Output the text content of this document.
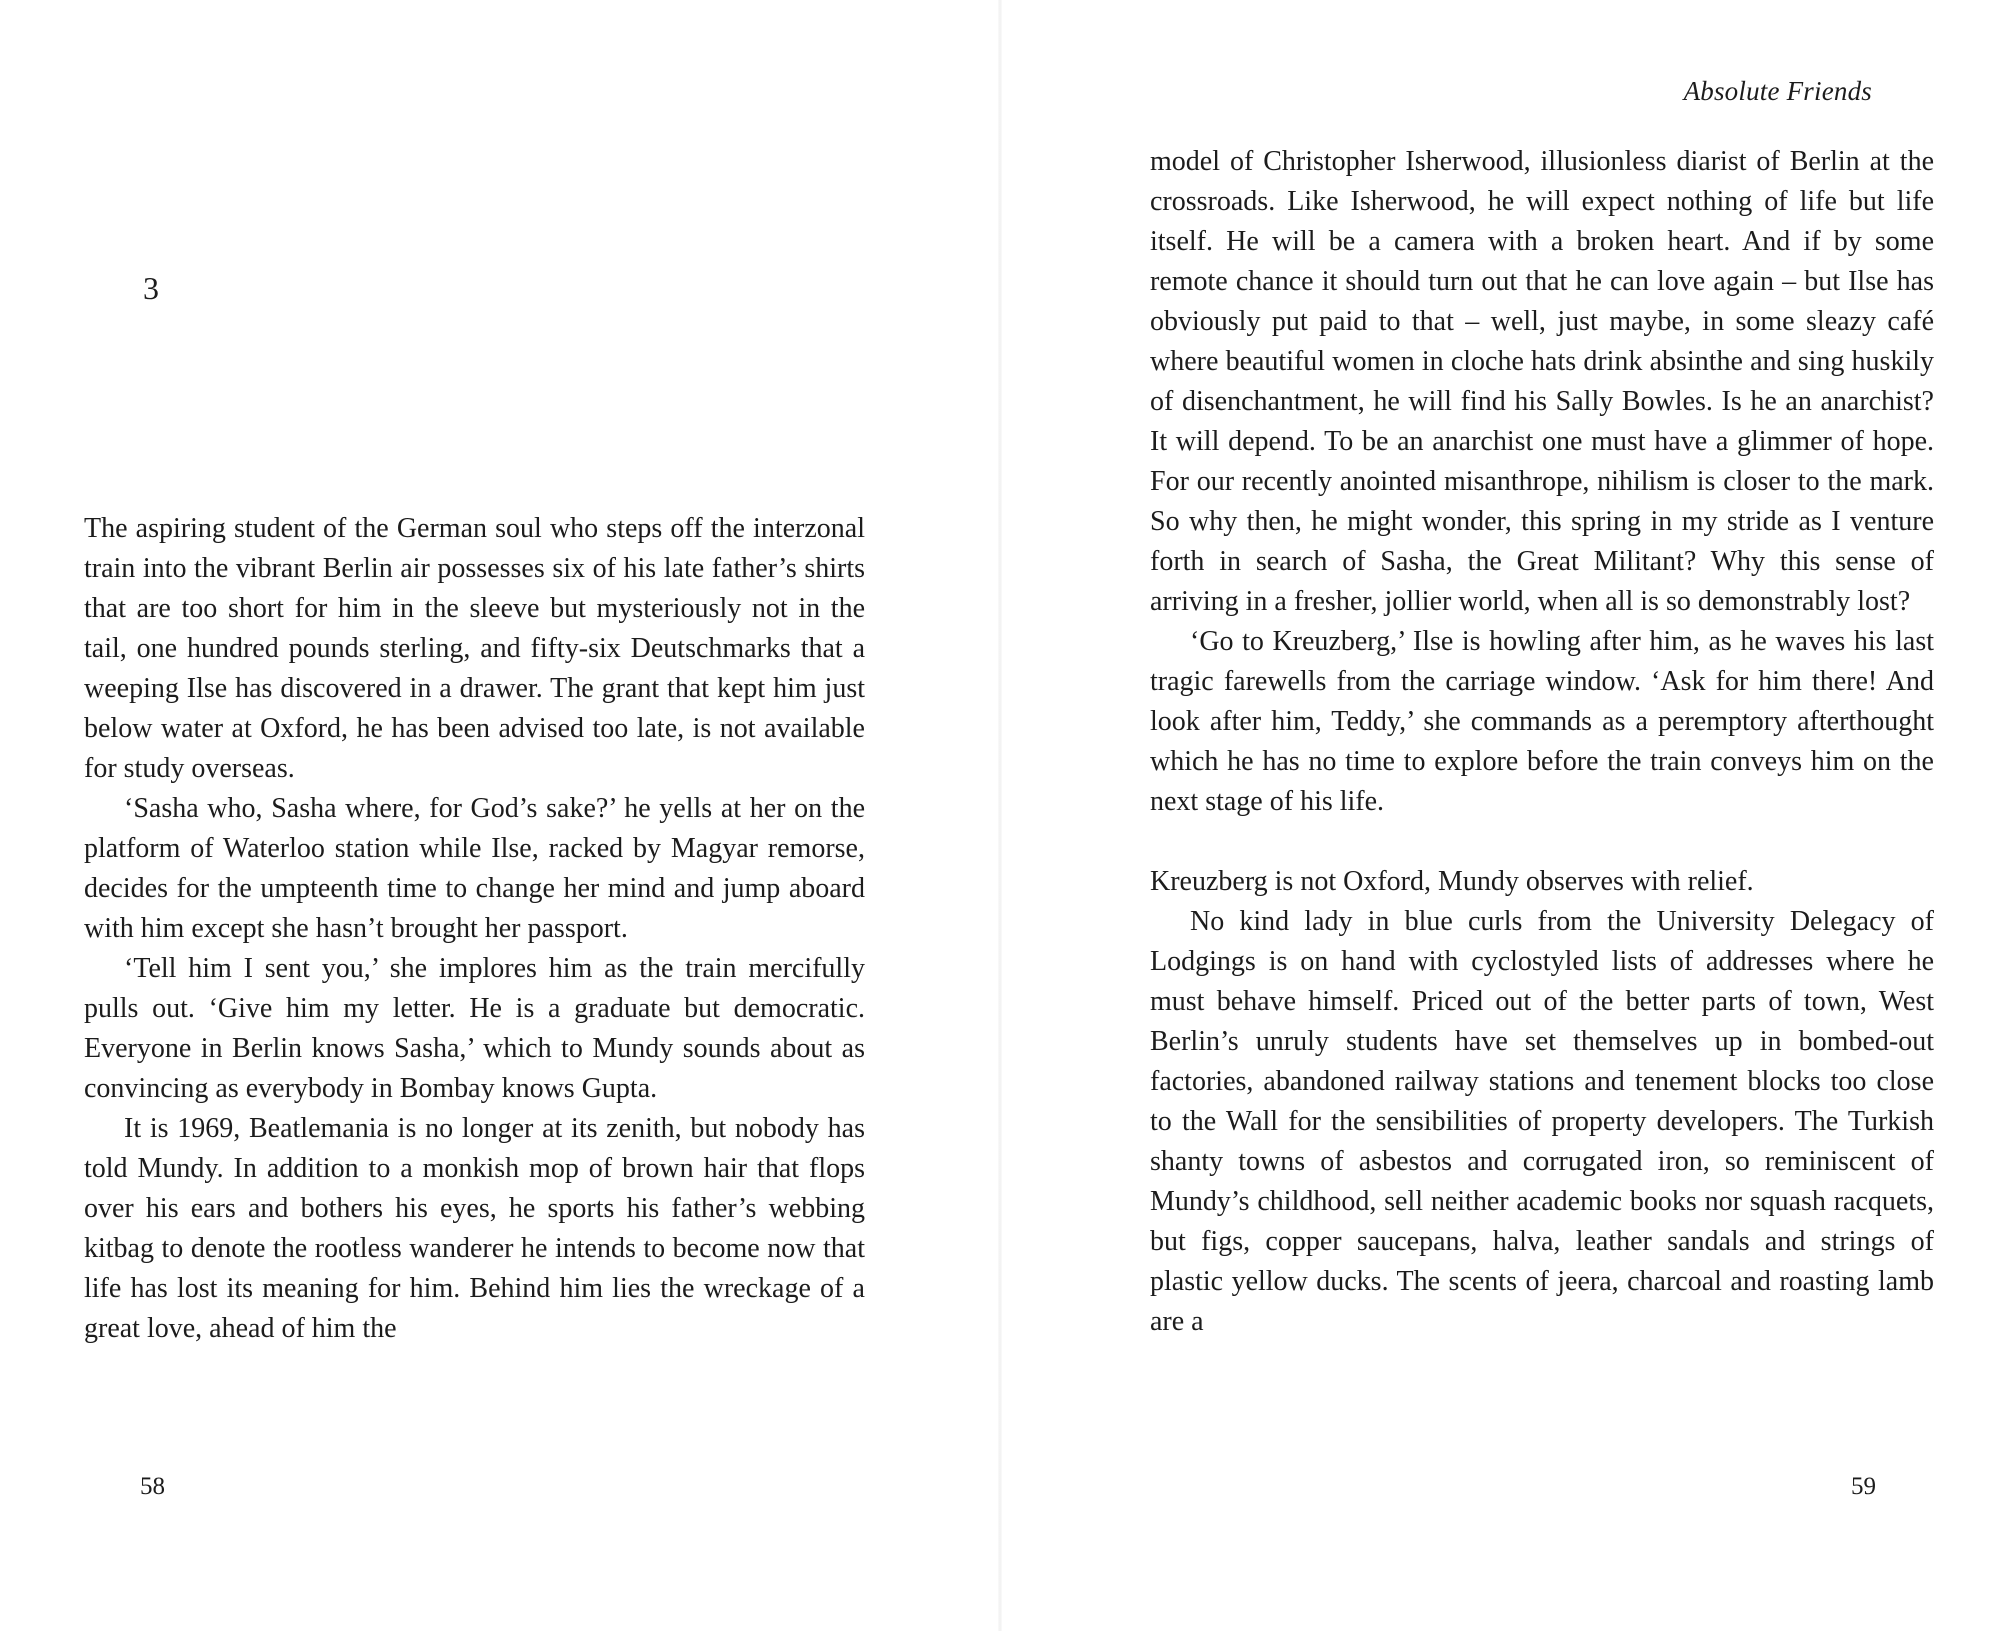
3

The aspiring student of the German soul who steps off the interzonal train into the vibrant Berlin air possesses six of his late father’s shirts that are too short for him in the sleeve but mysteriously not in the tail, one hundred pounds sterling, and fifty-six Deutschmarks that a weeping Ilse has discovered in a drawer. The grant that kept him just below water at Oxford, he has been advised too late, is not available for study overseas.

‘Sasha who, Sasha where, for God’s sake?’ he yells at her on the platform of Waterloo station while Ilse, racked by Magyar remorse, decides for the umpteenth time to change her mind and jump aboard with him except she hasn’t brought her passport.

‘Tell him I sent you,’ she implores him as the train mercifully pulls out. ‘Give him my letter. He is a graduate but democratic. Everyone in Berlin knows Sasha,’ which to Mundy sounds about as convincing as everybody in Bombay knows Gupta.

It is 1969, Beatlemania is no longer at its zenith, but nobody has told Mundy. In addition to a monkish mop of brown hair that flops over his ears and bothers his eyes, he sports his father’s webbing kitbag to denote the rootless wanderer he intends to become now that life has lost its meaning for him. Behind him lies the wreckage of a great love, ahead of him the

58
Absolute Friends

model of Christopher Isherwood, illusionless diarist of Berlin at the crossroads. Like Isherwood, he will expect nothing of life but life itself. He will be a camera with a broken heart. And if by some remote chance it should turn out that he can love again – but Ilse has obviously put paid to that – well, just maybe, in some sleazy café where beautiful women in cloche hats drink absinthe and sing huskily of disenchantment, he will find his Sally Bowles. Is he an anarchist? It will depend. To be an anarchist one must have a glimmer of hope. For our recently anointed misanthrope, nihilism is closer to the mark. So why then, he might wonder, this spring in my stride as I venture forth in search of Sasha, the Great Militant? Why this sense of arriving in a fresher, jollier world, when all is so demonstrably lost?

‘Go to Kreuzberg,’ Ilse is howling after him, as he waves his last tragic farewells from the carriage window. ‘Ask for him there! And look after him, Teddy,’ she commands as a peremptory afterthought which he has no time to explore before the train conveys him on the next stage of his life.

Kreuzberg is not Oxford, Mundy observes with relief.

No kind lady in blue curls from the University Delegacy of Lodgings is on hand with cyclostyled lists of addresses where he must behave himself. Priced out of the better parts of town, West Berlin’s unruly students have set themselves up in bombed-out factories, abandoned railway stations and tenement blocks too close to the Wall for the sensibilities of property developers. The Turkish shanty towns of asbestos and corrugated iron, so reminiscent of Mundy’s childhood, sell neither academic books nor squash racquets, but figs, copper saucepans, halva, leather sandals and strings of plastic yellow ducks. The scents of jeera, charcoal and roasting lamb are a

59
